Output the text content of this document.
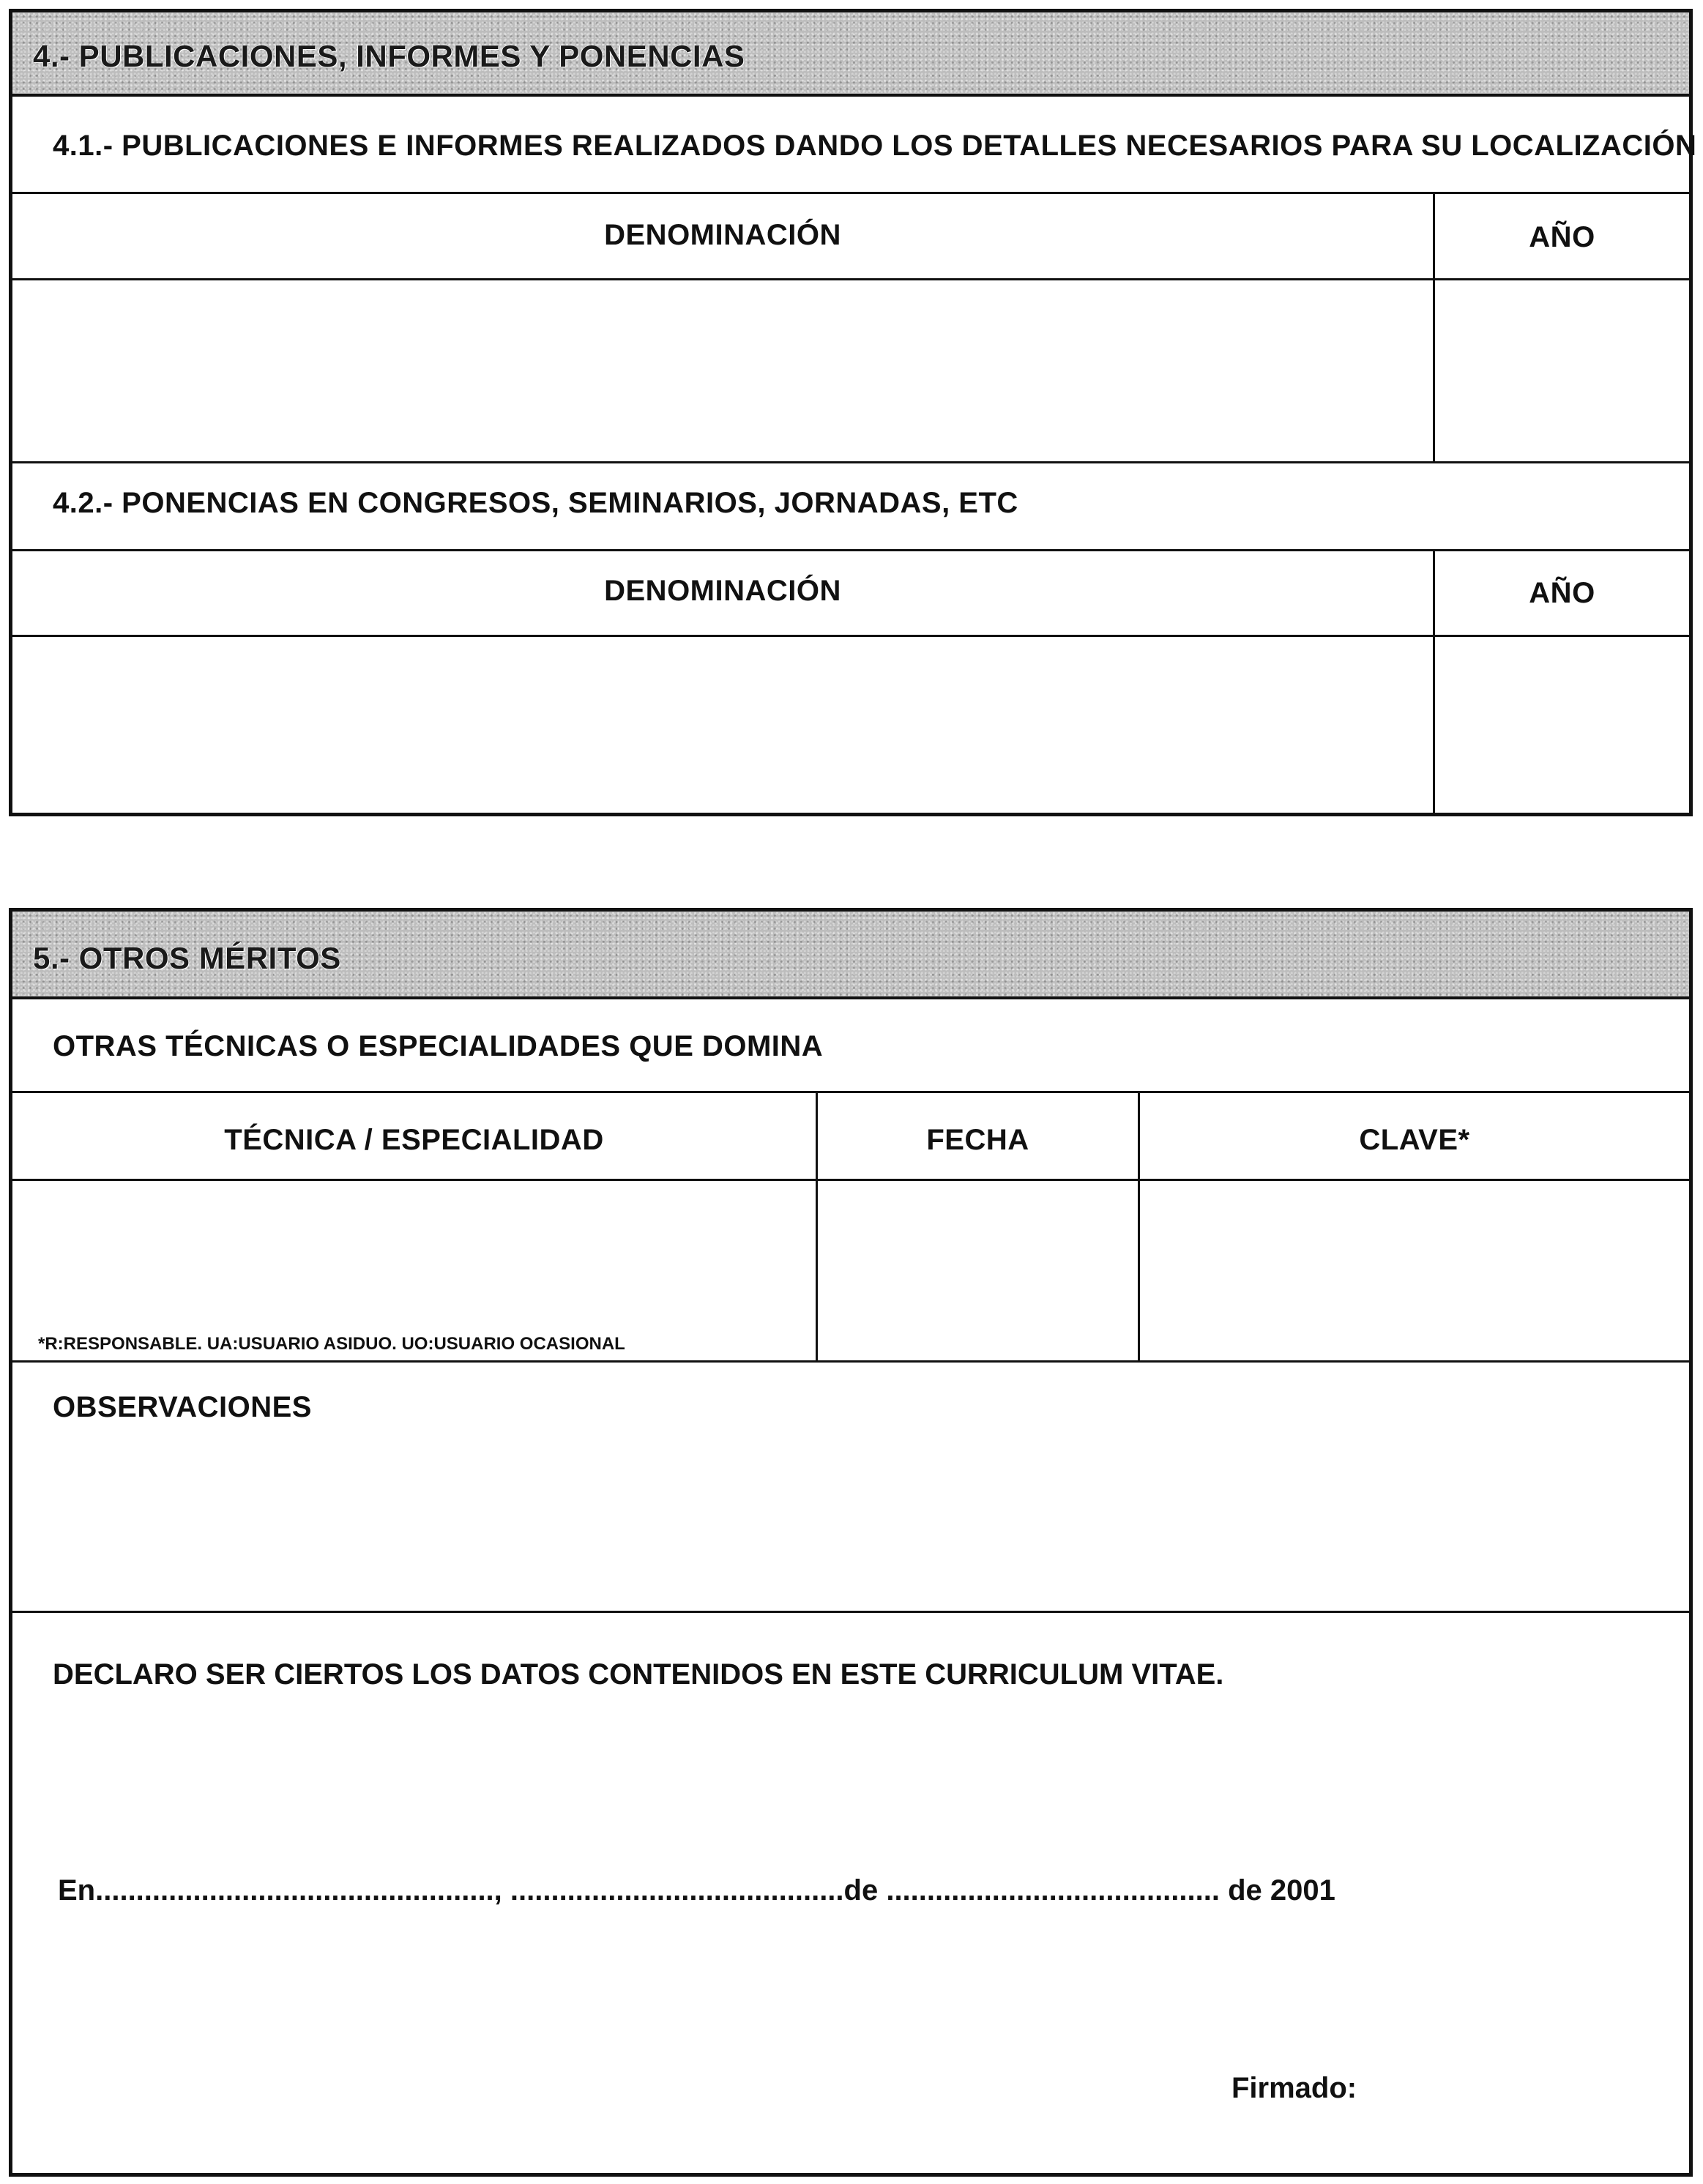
4.- PUBLICACIONES, INFORMES Y PONENCIAS
4.1.- PUBLICACIONES E INFORMES REALIZADOS DANDO LOS DETALLES NECESARIOS PARA SU LOCALIZACIÓN
DENOMINACIÓN	AÑO
4.2.- PONENCIAS EN CONGRESOS, SEMINARIOS, JORNADAS, ETC
DENOMINACIÓN	AÑO
5.- OTROS MÉRITOS
OTRAS TÉCNICAS O ESPECIALIDADES QUE DOMINA
TÉCNICA / ESPECIALIDAD	FECHA	CLAVE*
*R:RESPONSABLE. UA:USUARIO ASIDUO. UO:USUARIO OCASIONAL
OBSERVACIONES
DECLARO SER CIERTOS LOS DATOS CONTENIDOS EN ESTE CURRICULUM VITAE.
En................................................., .........................................de ......................................... de 2001
Firmado:
